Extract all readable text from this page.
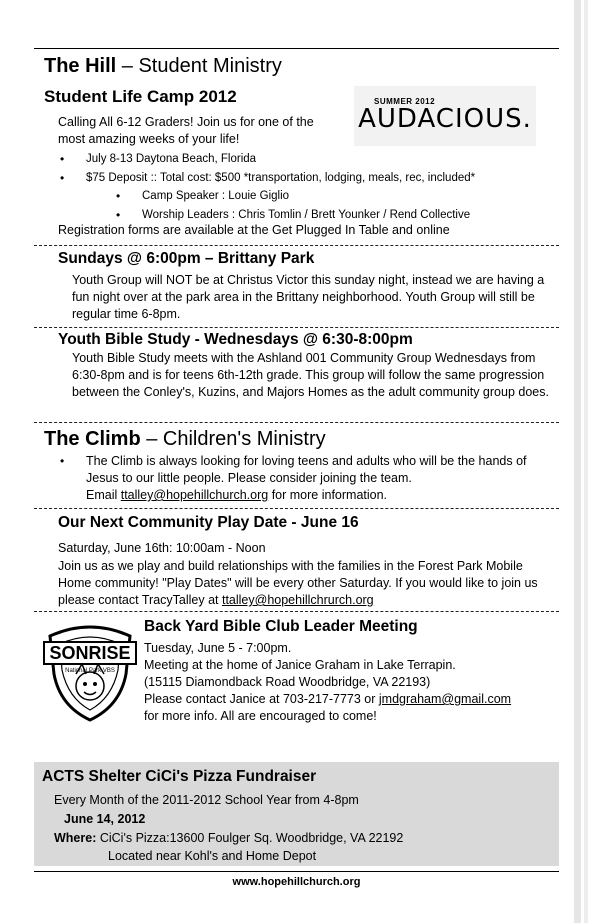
The Hill – Student Ministry
Student Life Camp 2012	SUMMER 2012
AUDACIOUS.
Calling All 6-12 Graders! Join us for one of the most amazing weeks of your life!
• July 8-13 Daytona Beach, Florida
• $75 Deposit :: Total cost: $500 *transportation, lodging, meals, rec, included*
• Camp Speaker : Louie Giglio
• Worship Leaders : Chris Tomlin / Brett Younker / Rend Collective
Registration forms are available at the Get Plugged In Table and online
Sundays @ 6:00pm – Brittany Park
Youth Group will NOT be at Christus Victor this sunday night, instead we are having a fun night over at the park area in the Brittany neighborhood. Youth Group will still be regular time 6-8pm.
Youth Bible Study - Wednesdays @ 6:30-8:00pm
Youth Bible Study meets with the Ashland 001 Community Group Wednesdays from 6:30-8pm and is for teens 6th-12th grade. This group will follow the same progression between the Conley's, Kuzins, and Majors Homes as the adult community group does.
The Climb – Children's Ministry
• The Climb is always looking for loving teens and adults who will be the hands of Jesus to our little people. Please consider joining the team.
Email ttalley@hopehillchurch.org for more information.
Our Next Community Play Date - June 16
Saturday, June 16th: 10:00am - Noon
Join us as we play and build relationships with the families in the Forest Park Mobile Home community! "Play Dates" will be every other Saturday. If you would like to join us please contact TracyTalley at ttalley@hopehillchrurch.org
SONRISE
National Park VBS
Back Yard Bible Club Leader Meeting
Tuesday, June 5 - 7:00pm.
Meeting at the home of Janice Graham in Lake Terrapin.
(15115 Diamondback Road Woodbridge, VA 22193)
Please contact Janice at 703-217-7773 or jmdgraham@gmail.com
for more info. All are encouraged to come!
ACTS Shelter CiCi's Pizza Fundraiser
Every Month of the 2011-2012 School Year from 4-8pm
June 14, 2012
Where: CiCi's Pizza:13600 Foulger Sq. Woodbridge, VA 22192
Located near Kohl's and Home Depot
www.hopehillchurch.org
